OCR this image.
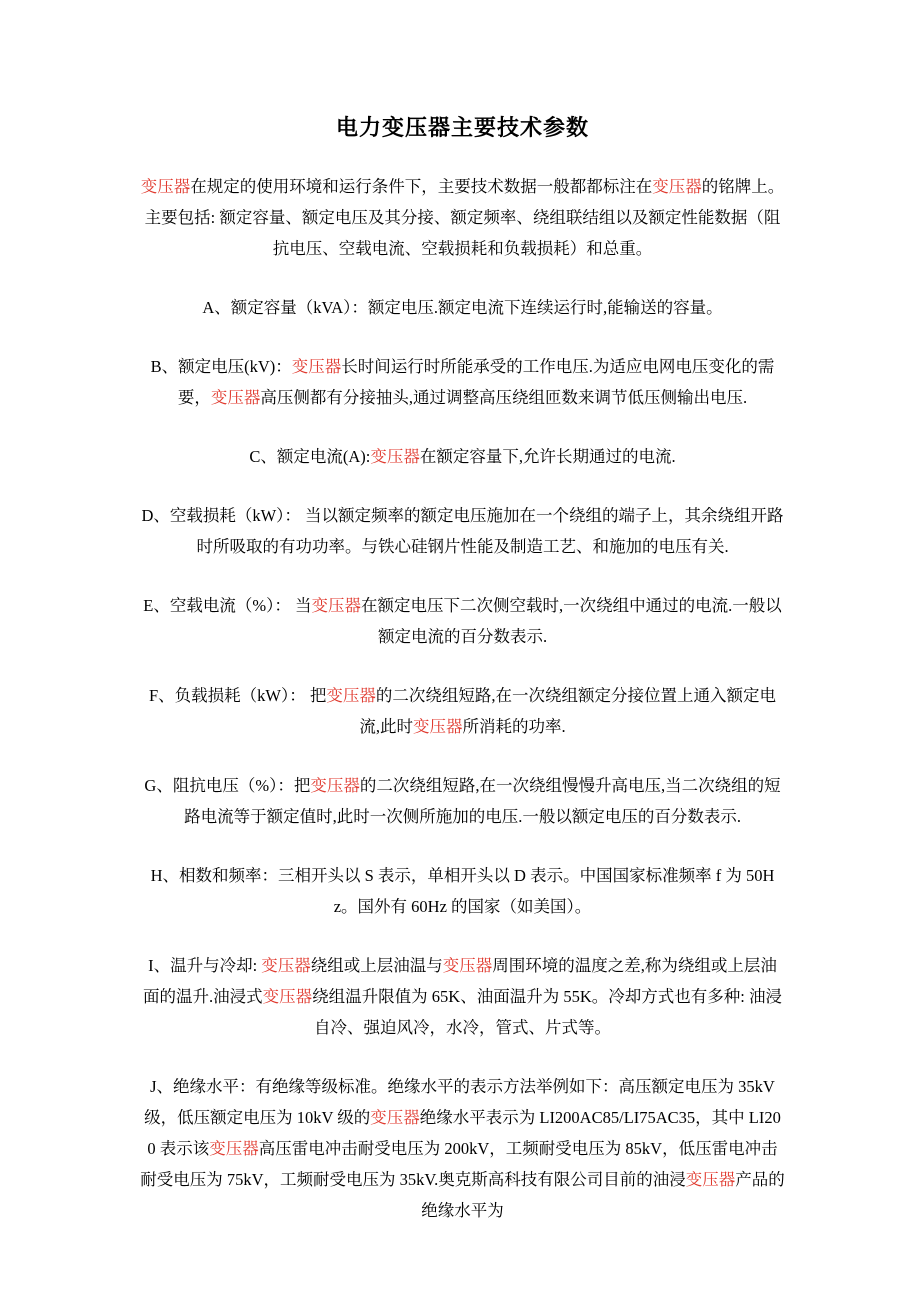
电力变压器主要技术参数

变压器在规定的使用环境和运行条件下，主要技术数据一般都都标注在变压器的铭牌上。主要包括: 额定容量、额定电压及其分接、额定频率、绕组联结组以及额定性能数据（阻抗电压、空载电流、空载损耗和负载损耗）和总重。

A、额定容量（kVA）：额定电压.额定电流下连续运行时,能输送的容量。

B、额定电压(kV)：变压器长时间运行时所能承受的工作电压.为适应电网电压变化的需要，变压器高压侧都有分接抽头,通过调整高压绕组匝数来调节低压侧输出电压.

C、额定电流(A):变压器在额定容量下,允许长期通过的电流.

D、空载损耗（kW）： 当以额定频率的额定电压施加在一个绕组的端子上，其余绕组开路时所吸取的有功功率。与铁心硅钢片性能及制造工艺、和施加的电压有关.

E、空载电流（%）： 当变压器在额定电压下二次侧空载时,一次绕组中通过的电流.一般以额定电流的百分数表示.

F、负载损耗（kW）： 把变压器的二次绕组短路,在一次绕组额定分接位置上通入额定电流,此时变压器所消耗的功率.

G、阻抗电压（%）：把变压器的二次绕组短路,在一次绕组慢慢升高电压,当二次绕组的短路电流等于额定值时,此时一次侧所施加的电压.一般以额定电压的百分数表示.

H、相数和频率：三相开头以 S 表示，单相开头以 D 表示。中国国家标准频率 f 为 50Hz。国外有 60Hz 的国家（如美国）。

I、温升与冷却: 变压器绕组或上层油温与变压器周围环境的温度之差,称为绕组或上层油面的温升.油浸式变压器绕组温升限值为 65K、油面温升为 55K。冷却方式也有多种: 油浸自冷、强迫风冷，水冷，管式、片式等。

J、绝缘水平：有绝缘等级标准。绝缘水平的表示方法举例如下：高压额定电压为 35kV 级，低压额定电压为 10kV 级的变压器绝缘水平表示为 LI200AC85/LI75AC35，其中 LI200 表示该变压器高压雷电冲击耐受电压为 200kV，工频耐受电压为 85kV，低压雷电冲击耐受电压为 75kV，工频耐受电压为 35kV.奥克斯高科技有限公司目前的油浸变压器产品的绝缘水平为
